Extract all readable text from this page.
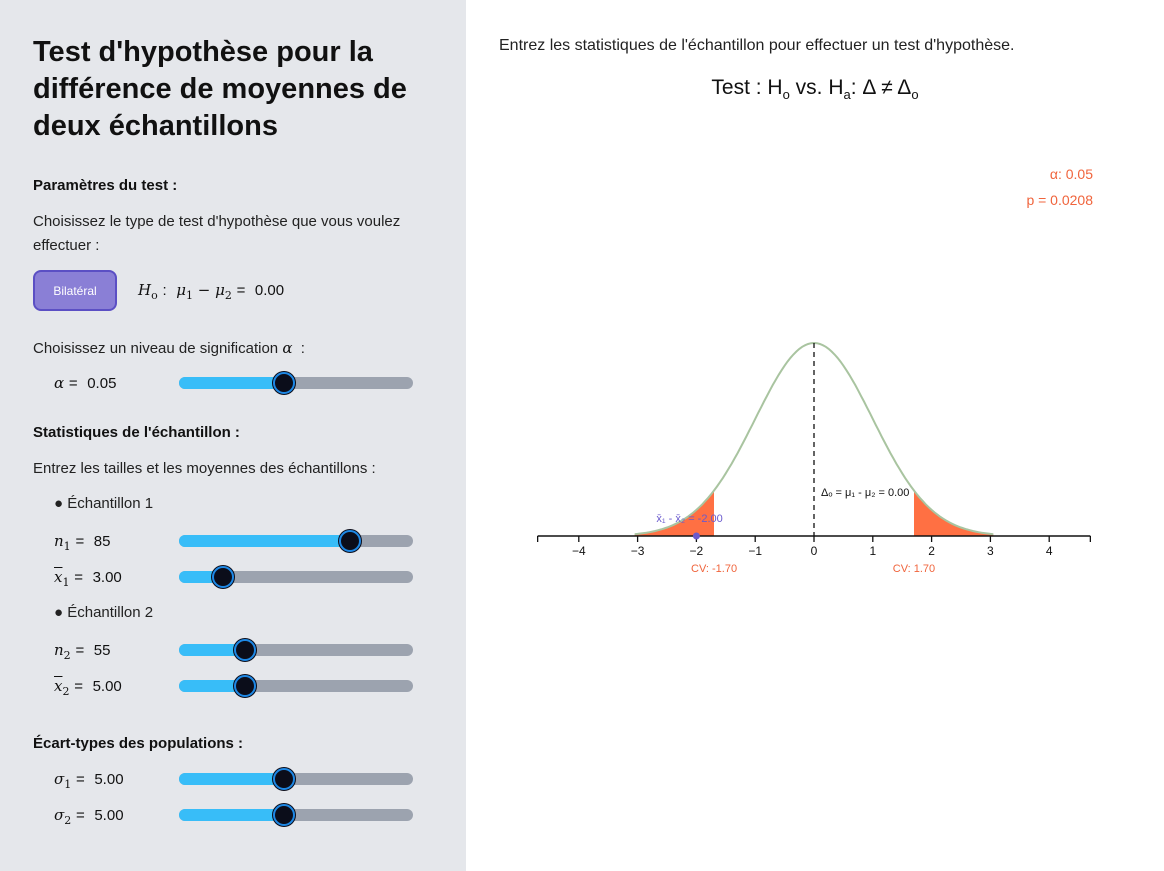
Test d'hypothèse pour la différence de moyennes de deux échantillons
Paramètres du test :
Choisissez le type de test d'hypothèse que vous voulez effectuer :
Bilatéral	$H_o$ :  $\mu_1 - \mu_2 = 0.00$
Choisissez un niveau de signification α  :
α = 0.05
Statistiques de l'échantillon :
Entrez les tailles et les moyennes des échantillons :
● Échantillon 1
$n_1 = 85$
$\overline{x}_1 = 3.00$
● Échantillon 2
$n_2 = 55$
$\overline{x}_2 = 5.00$
Écart-types des populations :
$\sigma_1 = 5.00$
$\sigma_2 = 5.00$
Entrez les statistiques de l'échantillon pour effectuer un test d'hypothèse.
Test : $H_o$ vs. $H_a$: $\Delta \ne \Delta_o$
α: 0.05
p = 0.0208
−4	−3	−2	−1	0	1	2	3	4
Δₒ = μ₁ - μ₂ = 0.00
x̄₁ - x̄₂ = -2.00
CV: -1.70	CV: 1.70
